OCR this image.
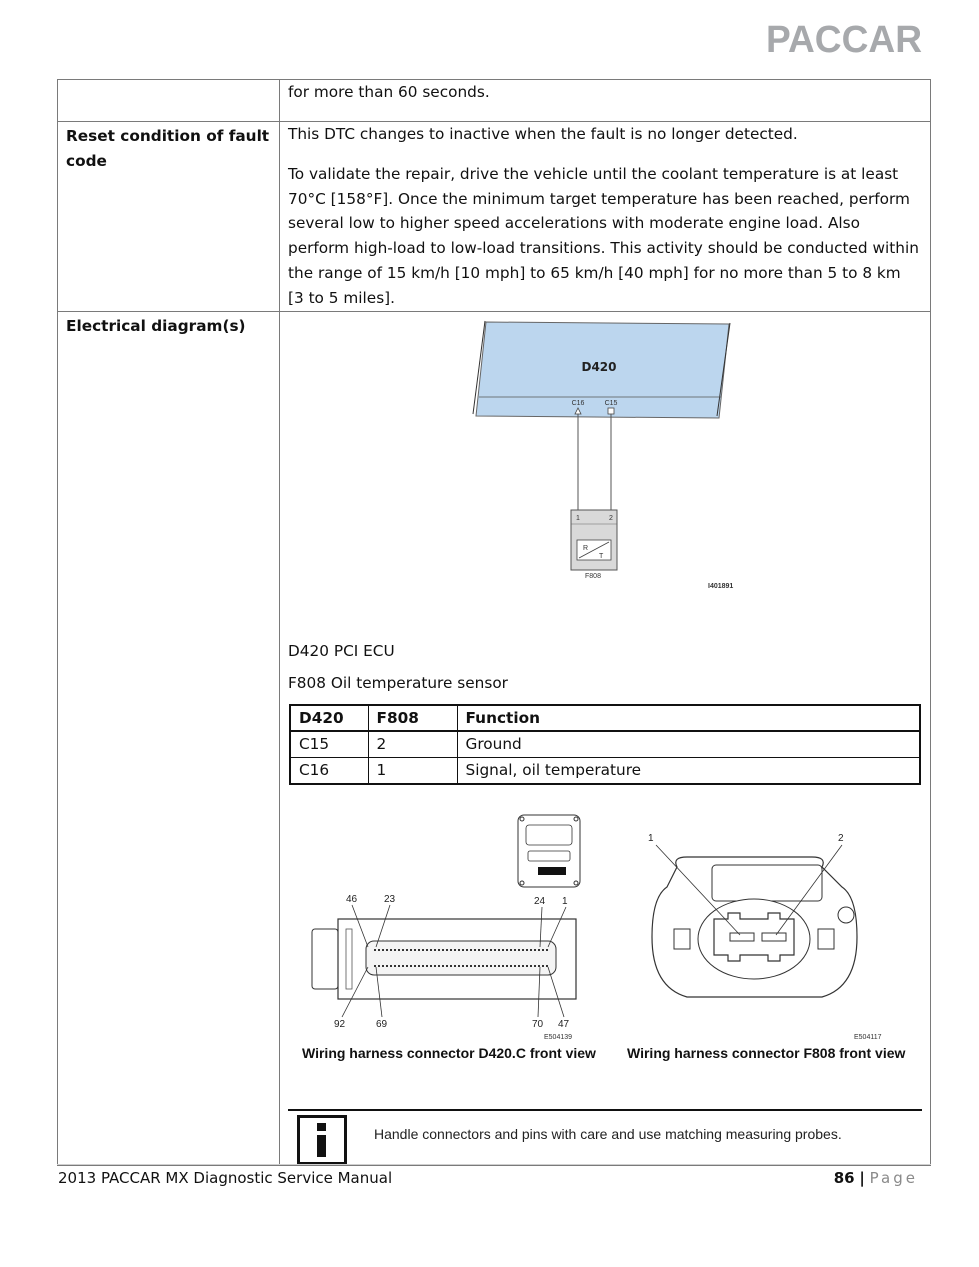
PACCAR
	for more than 60 seconds.
Reset condition of fault code	

This DTC changes to inactive when the fault is no longer detected.

To validate the repair, drive the vehicle until the coolant temperature is at least 70°C [158°F]. Once the minimum target temperature has been reached, perform several low to higher speed accelerations with moderate engine load. Also perform high-load to low-load transitions. This activity should be conducted within the range of 15 km/h [10 mph] to 65 km/h [40 mph] for no more than 5 to 8 km [3 to 5 miles].

Electrical diagram(s)	
D420
C16	C15
1	2
R
T
F808
I401891
D420 PCI ECU
F808 Oil temperature sensor
D420	F808	Function
C15	2	Ground
C16	1	Signal, oil temperature
46	23	24 1
92	69	70 47
E504139
1	2
E504117
Wiring harness connector D420.C front view Wiring harness connector F808 front view
Handle connectors and pins with care and use matching measuring probes.
2013 PACCAR MX Diagnostic Service Manual	86 | Page
